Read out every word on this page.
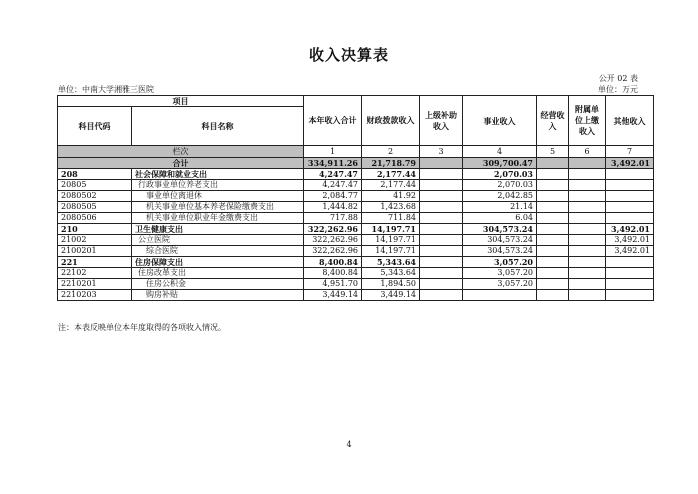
收入决算表
公开 02 表
单位：中南大学湘雅三医院	单位：万元
项目		本年收入合计	财政拨款收入	上级补助收入	事业收入	经营收入	附属单位上缴收入	其他收入
科目代码	科目名称							
栏次		1	2	3	4	5	6	7
合计		334,911.26	21,718.79		309,700.47			3,492.01
208	社会保障和就业支出	4,247.47	2,177.44		2,070.03			
20805	行政事业单位养老支出	4,247.47	2,177.44		2,070.03			
2080502	事业单位离退休	2,084.77	41.92		2,042.85			
2080505	机关事业单位基本养老保险缴费支出	1,444.82	1,423.68		21.14			
2080506	机关事业单位职业年金缴费支出	717.88	711.84		6.04			
210	卫生健康支出	322,262.96	14,197.71		304,573.24			3,492.01
21002	公立医院	322,262.96	14,197.71		304,573.24			3,492.01
2100201	综合医院	322,262.96	14,197.71		304,573.24			3,492.01
221	住房保障支出	8,400.84	5,343.64		3,057.20			
22102	住房改革支出	8,400.84	5,343.64		3,057.20			
2210201	住房公积金	4,951.70	1,894.50		3,057.20			
2210203	购房补贴	3,449.14	3,449.14					
注：本表反映单位本年度取得的各项收入情况。
4
